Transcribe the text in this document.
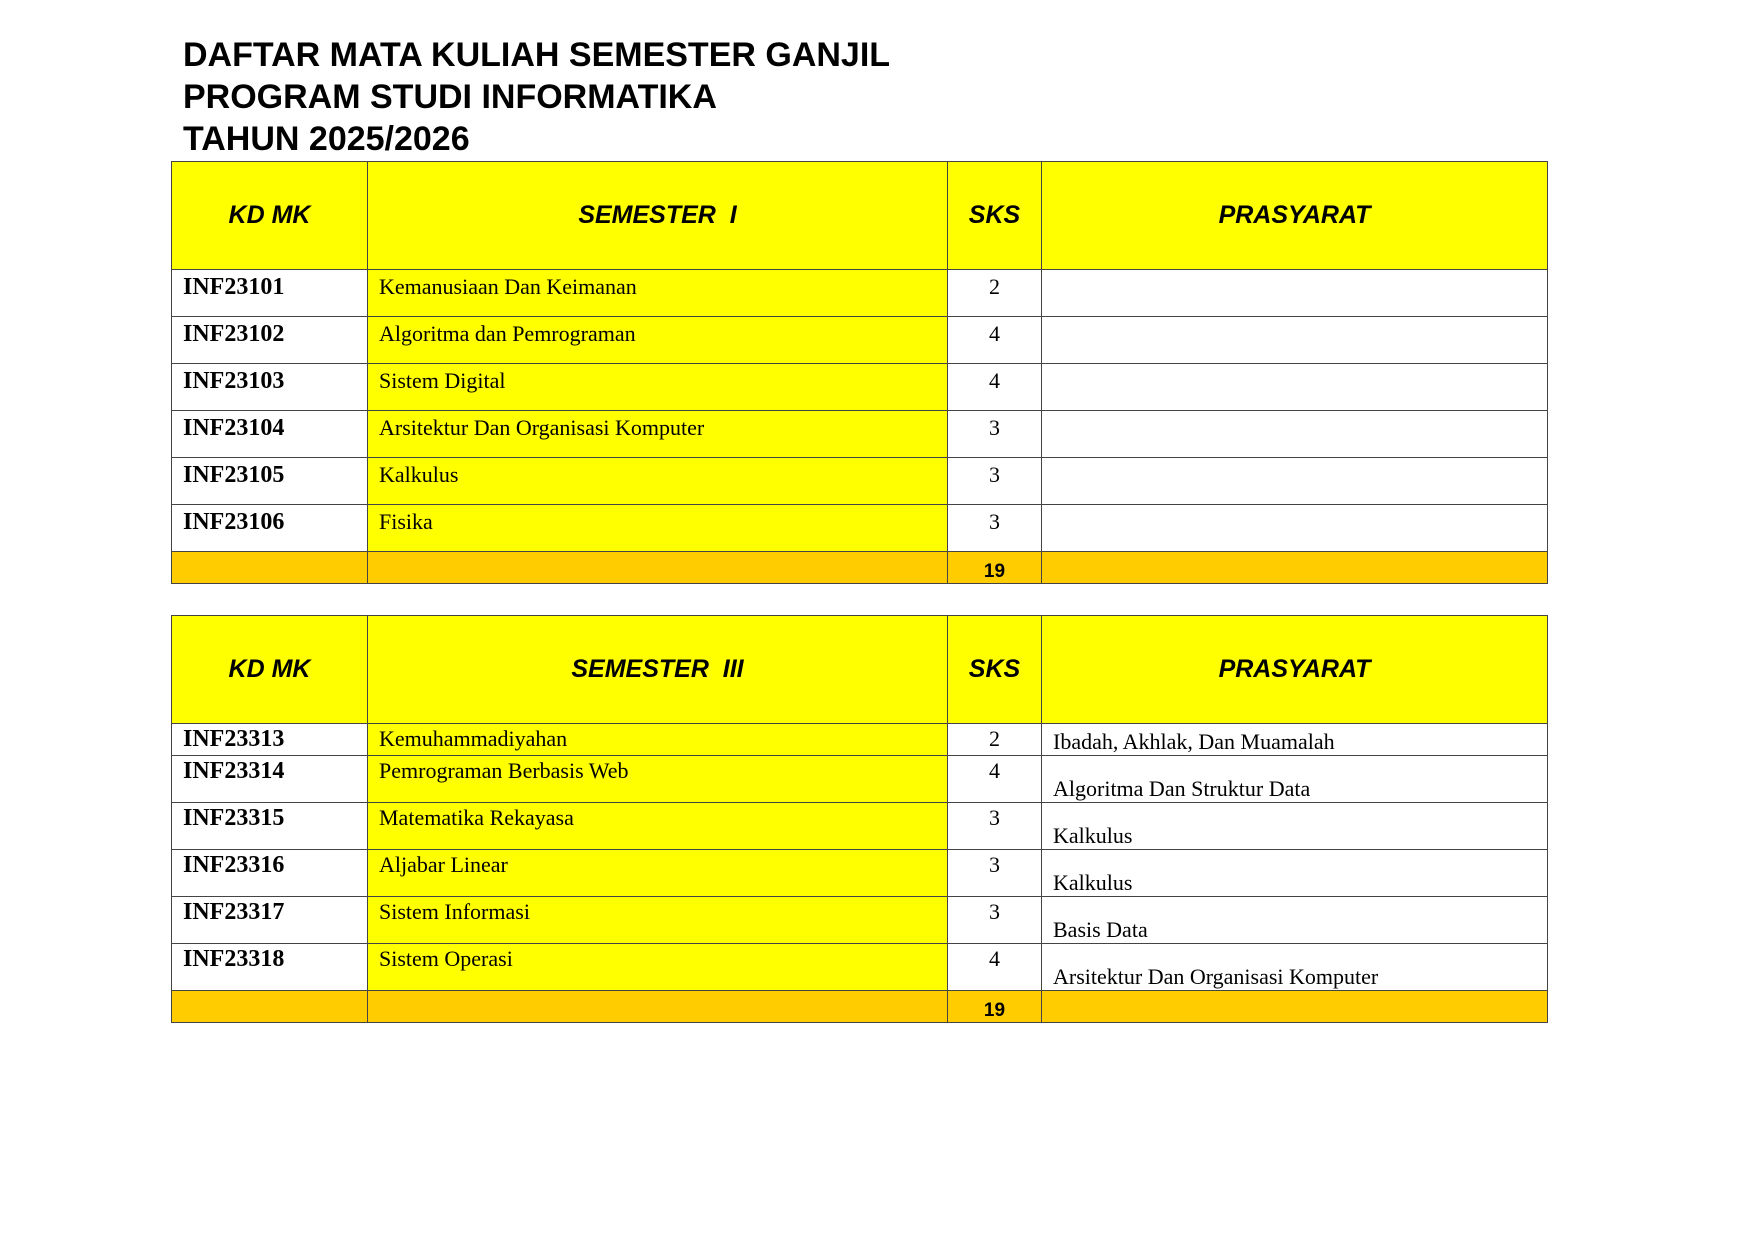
DAFTAR MATA KULIAH SEMESTER GANJIL
PROGRAM STUDI INFORMATIKA
TAHUN 2025/2026
KD MK	SEMESTER  I	SKS	PRASYARAT
INF23101	Kemanusiaan Dan Keimanan	2	
INF23102	Algoritma dan Pemrograman	4	
INF23103	Sistem Digital	4	
INF23104	Arsitektur Dan Organisasi Komputer	3	
INF23105	Kalkulus	3	
INF23106	Fisika	3	
		19	
KD MK	SEMESTER  III	SKS	PRASYARAT
INF23313	Kemuhammadiyahan	2	Ibadah, Akhlak, Dan Muamalah
INF23314	Pemrograman Berbasis Web	4	Algoritma Dan Struktur Data
INF23315	Matematika Rekayasa	3	Kalkulus
INF23316	Aljabar Linear	3	Kalkulus
INF23317	Sistem Informasi	3	Basis Data
INF23318	Sistem Operasi	4	Arsitektur Dan Organisasi Komputer
		19	
